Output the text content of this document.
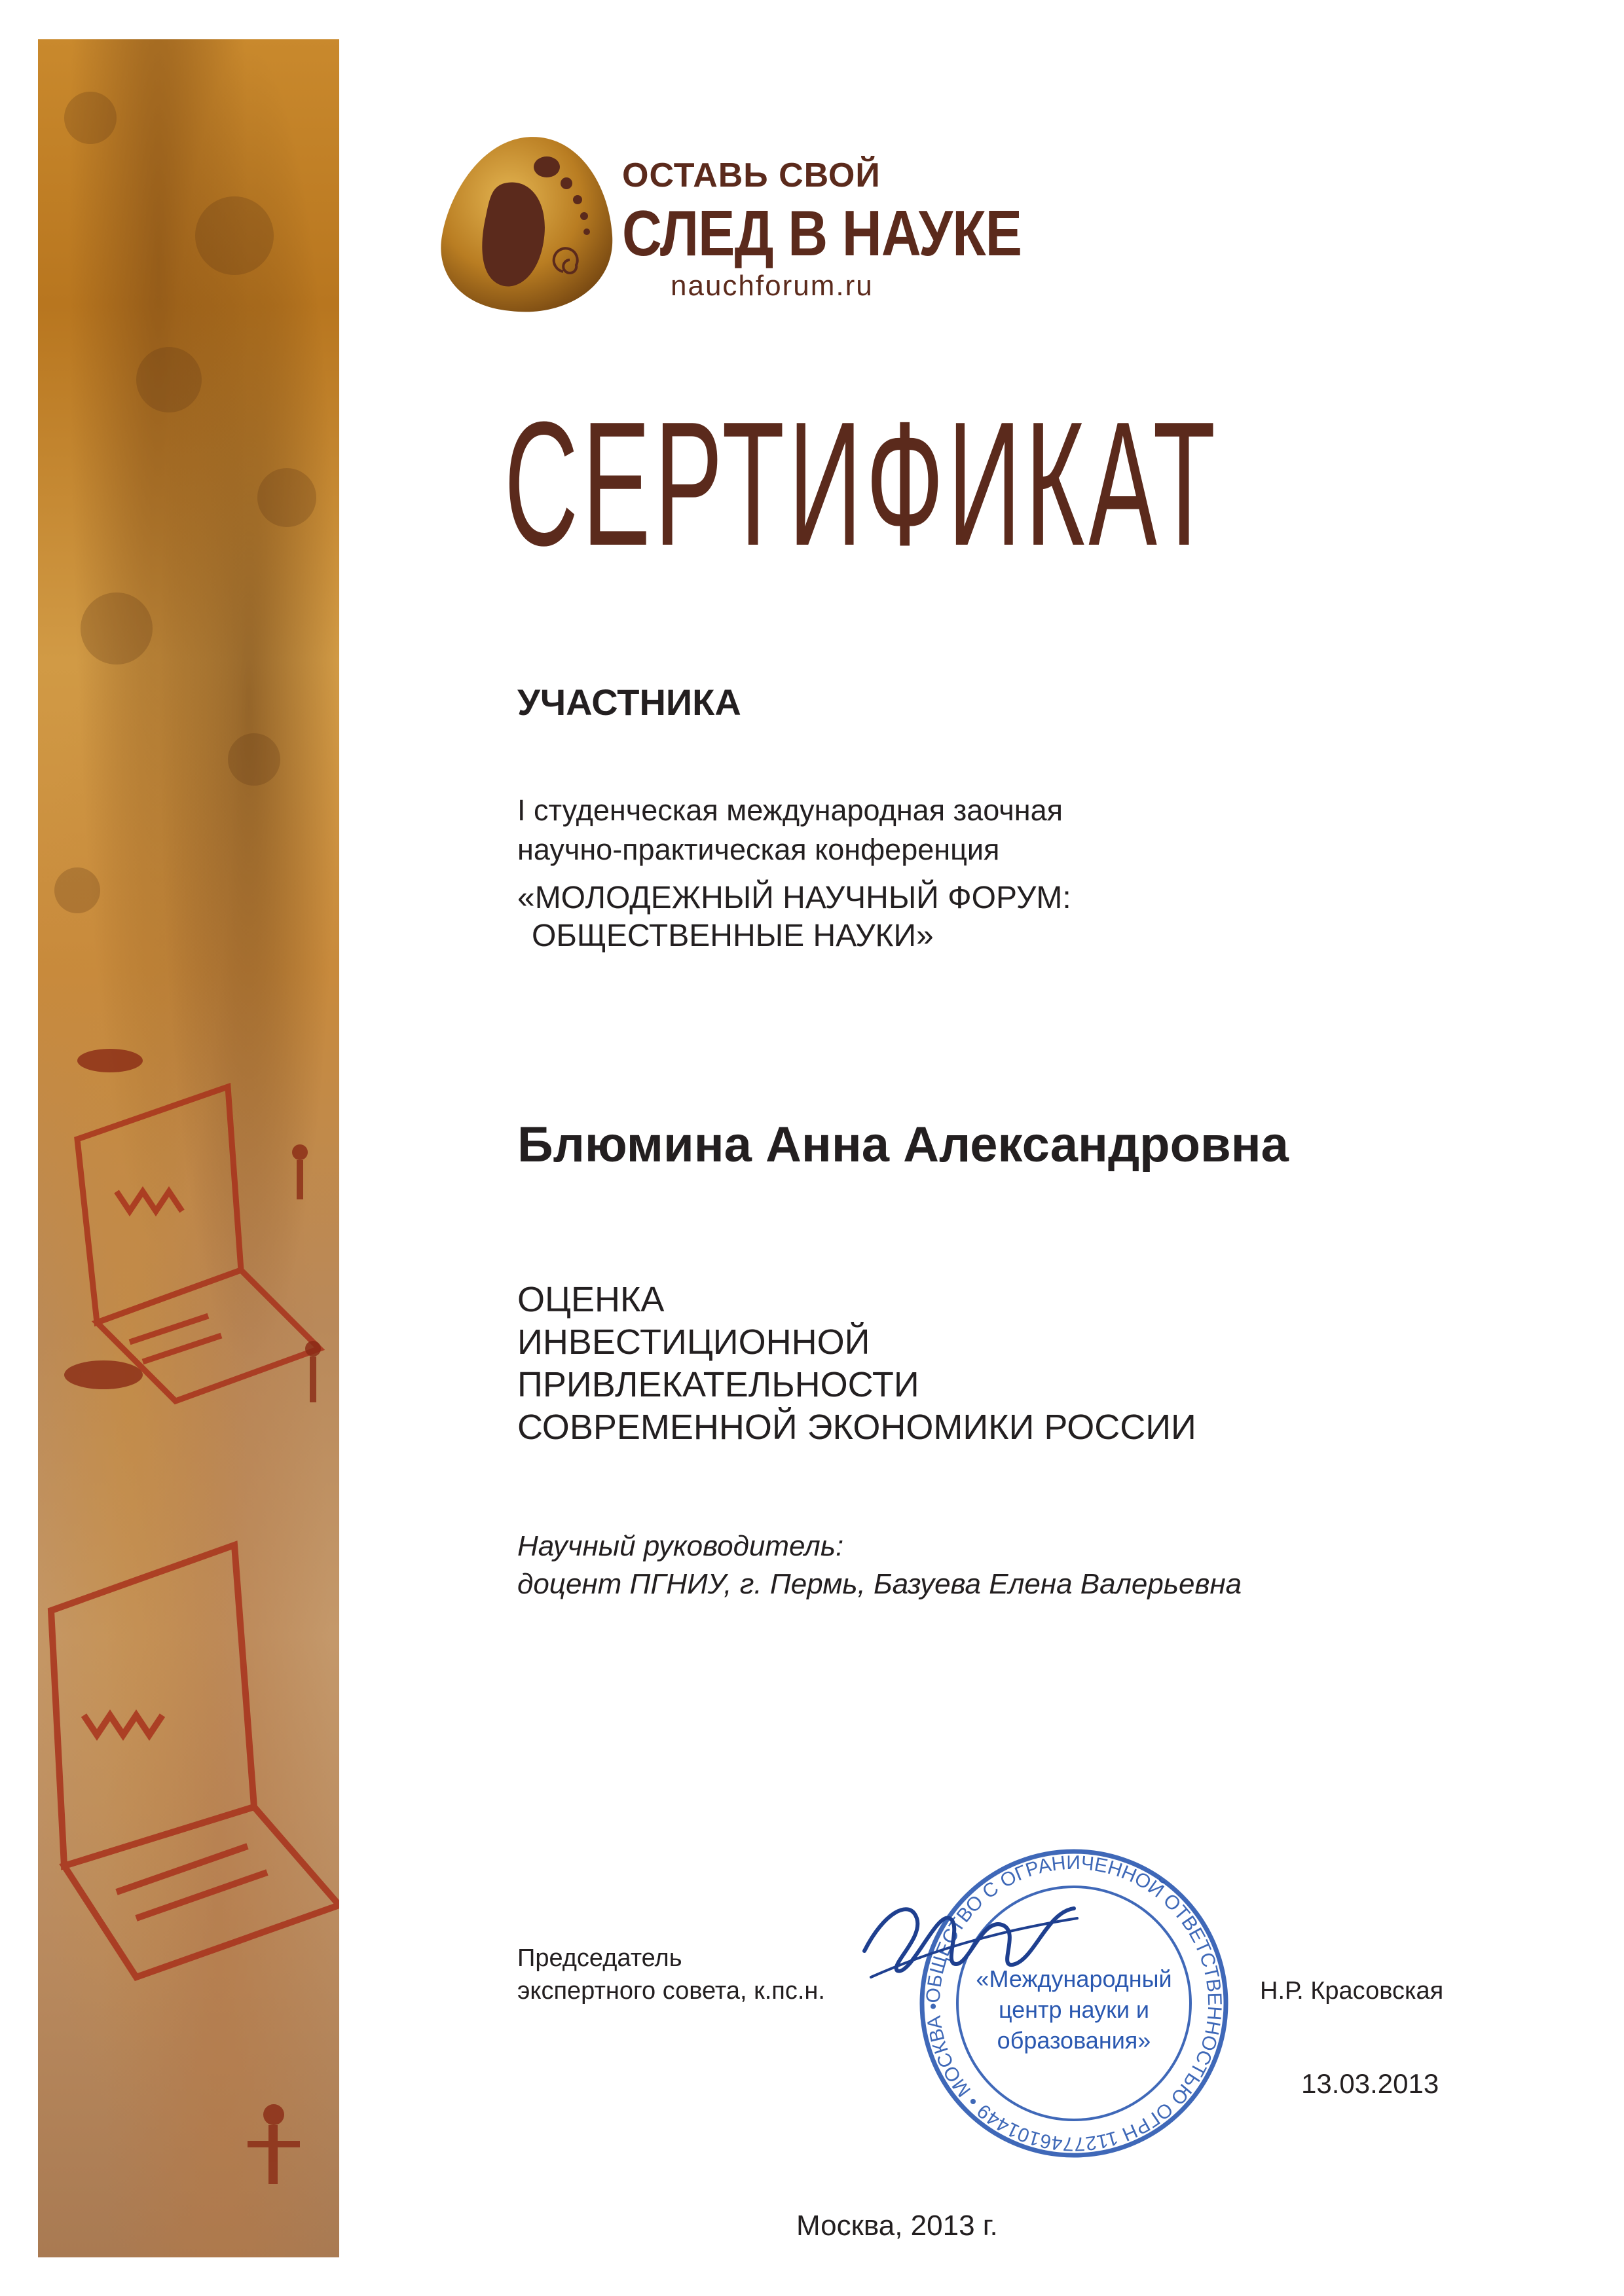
ОСТАВЬ СВОЙ
СЛЕД В НАУКЕ
nauchforum.ru
СЕРТИФИКАТ
УЧАСТНИКА
I студенческая международная заочная
научно-практическая конференция
«МОЛОДЕЖНЫЙ НАУЧНЫЙ ФОРУМ:
ОБЩЕСТВЕННЫЕ НАУКИ»
Блюмина Анна Александровна
ОЦЕНКА
ИНВЕСТИЦИОННОЙ
ПРИВЛЕКАТЕЛЬНОСТИ
СОВРЕМЕННОЙ ЭКОНОМИКИ РОССИИ
Научный руководитель:
доцент ПГНИУ, г. Пермь, Базуева Елена Валерьевна
Председатель
экспертного совета, к.пс.н.	Н.Р. Красовская
13.03.2013
ОБЩЕСТВО С ОГРАНИЧЕННОЙ ОТВЕТСТВЕННОСТЬЮ ОГРН 1127746101449 • МОСКВА •
«Международный
центр науки и
образования»
Москва, 2013 г.
